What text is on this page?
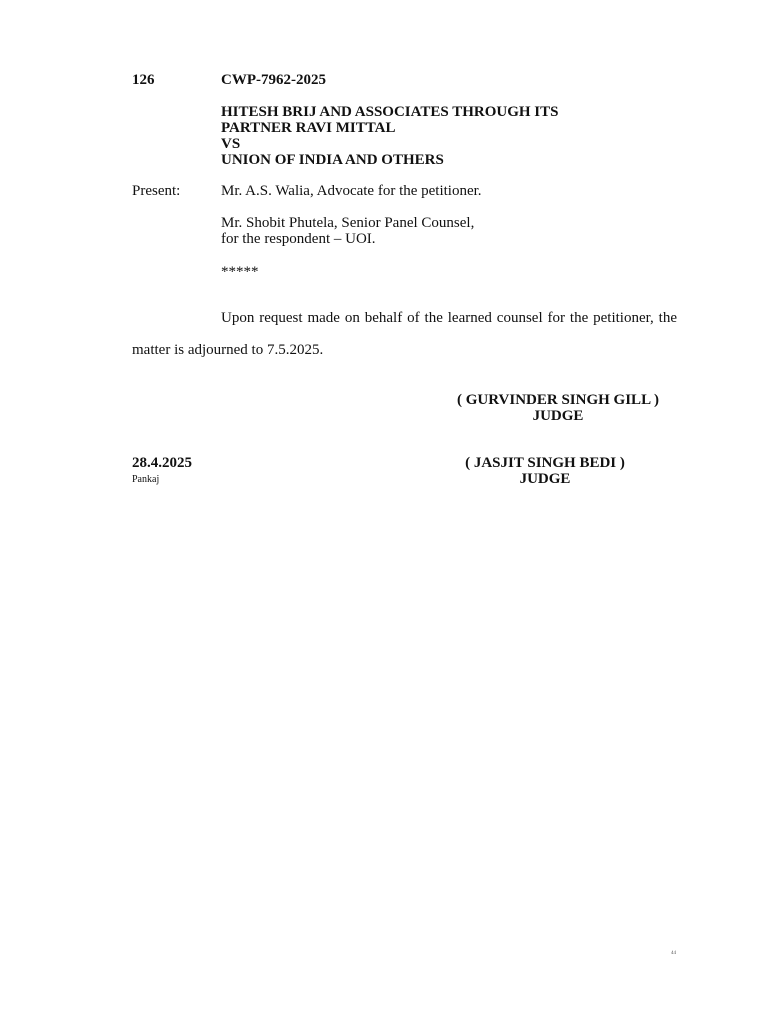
126	CWP-7962-2025
HITESH BRIJ AND ASSOCIATES THROUGH ITS
PARTNER RAVI MITTAL
VS
UNION OF INDIA AND OTHERS
Present:	Mr. A.S. Walia, Advocate for the petitioner.
Mr. Shobit Phutela, Senior Panel Counsel,
for the respondent – UOI.
*****
Upon request made on behalf of the learned counsel for the petitioner, the matter is adjourned to 7.5.2025.
( GURVINDER SINGH GILL )
JUDGE
28.4.2025
Pankaj
( JASJIT SINGH BEDI )
JUDGE
44
